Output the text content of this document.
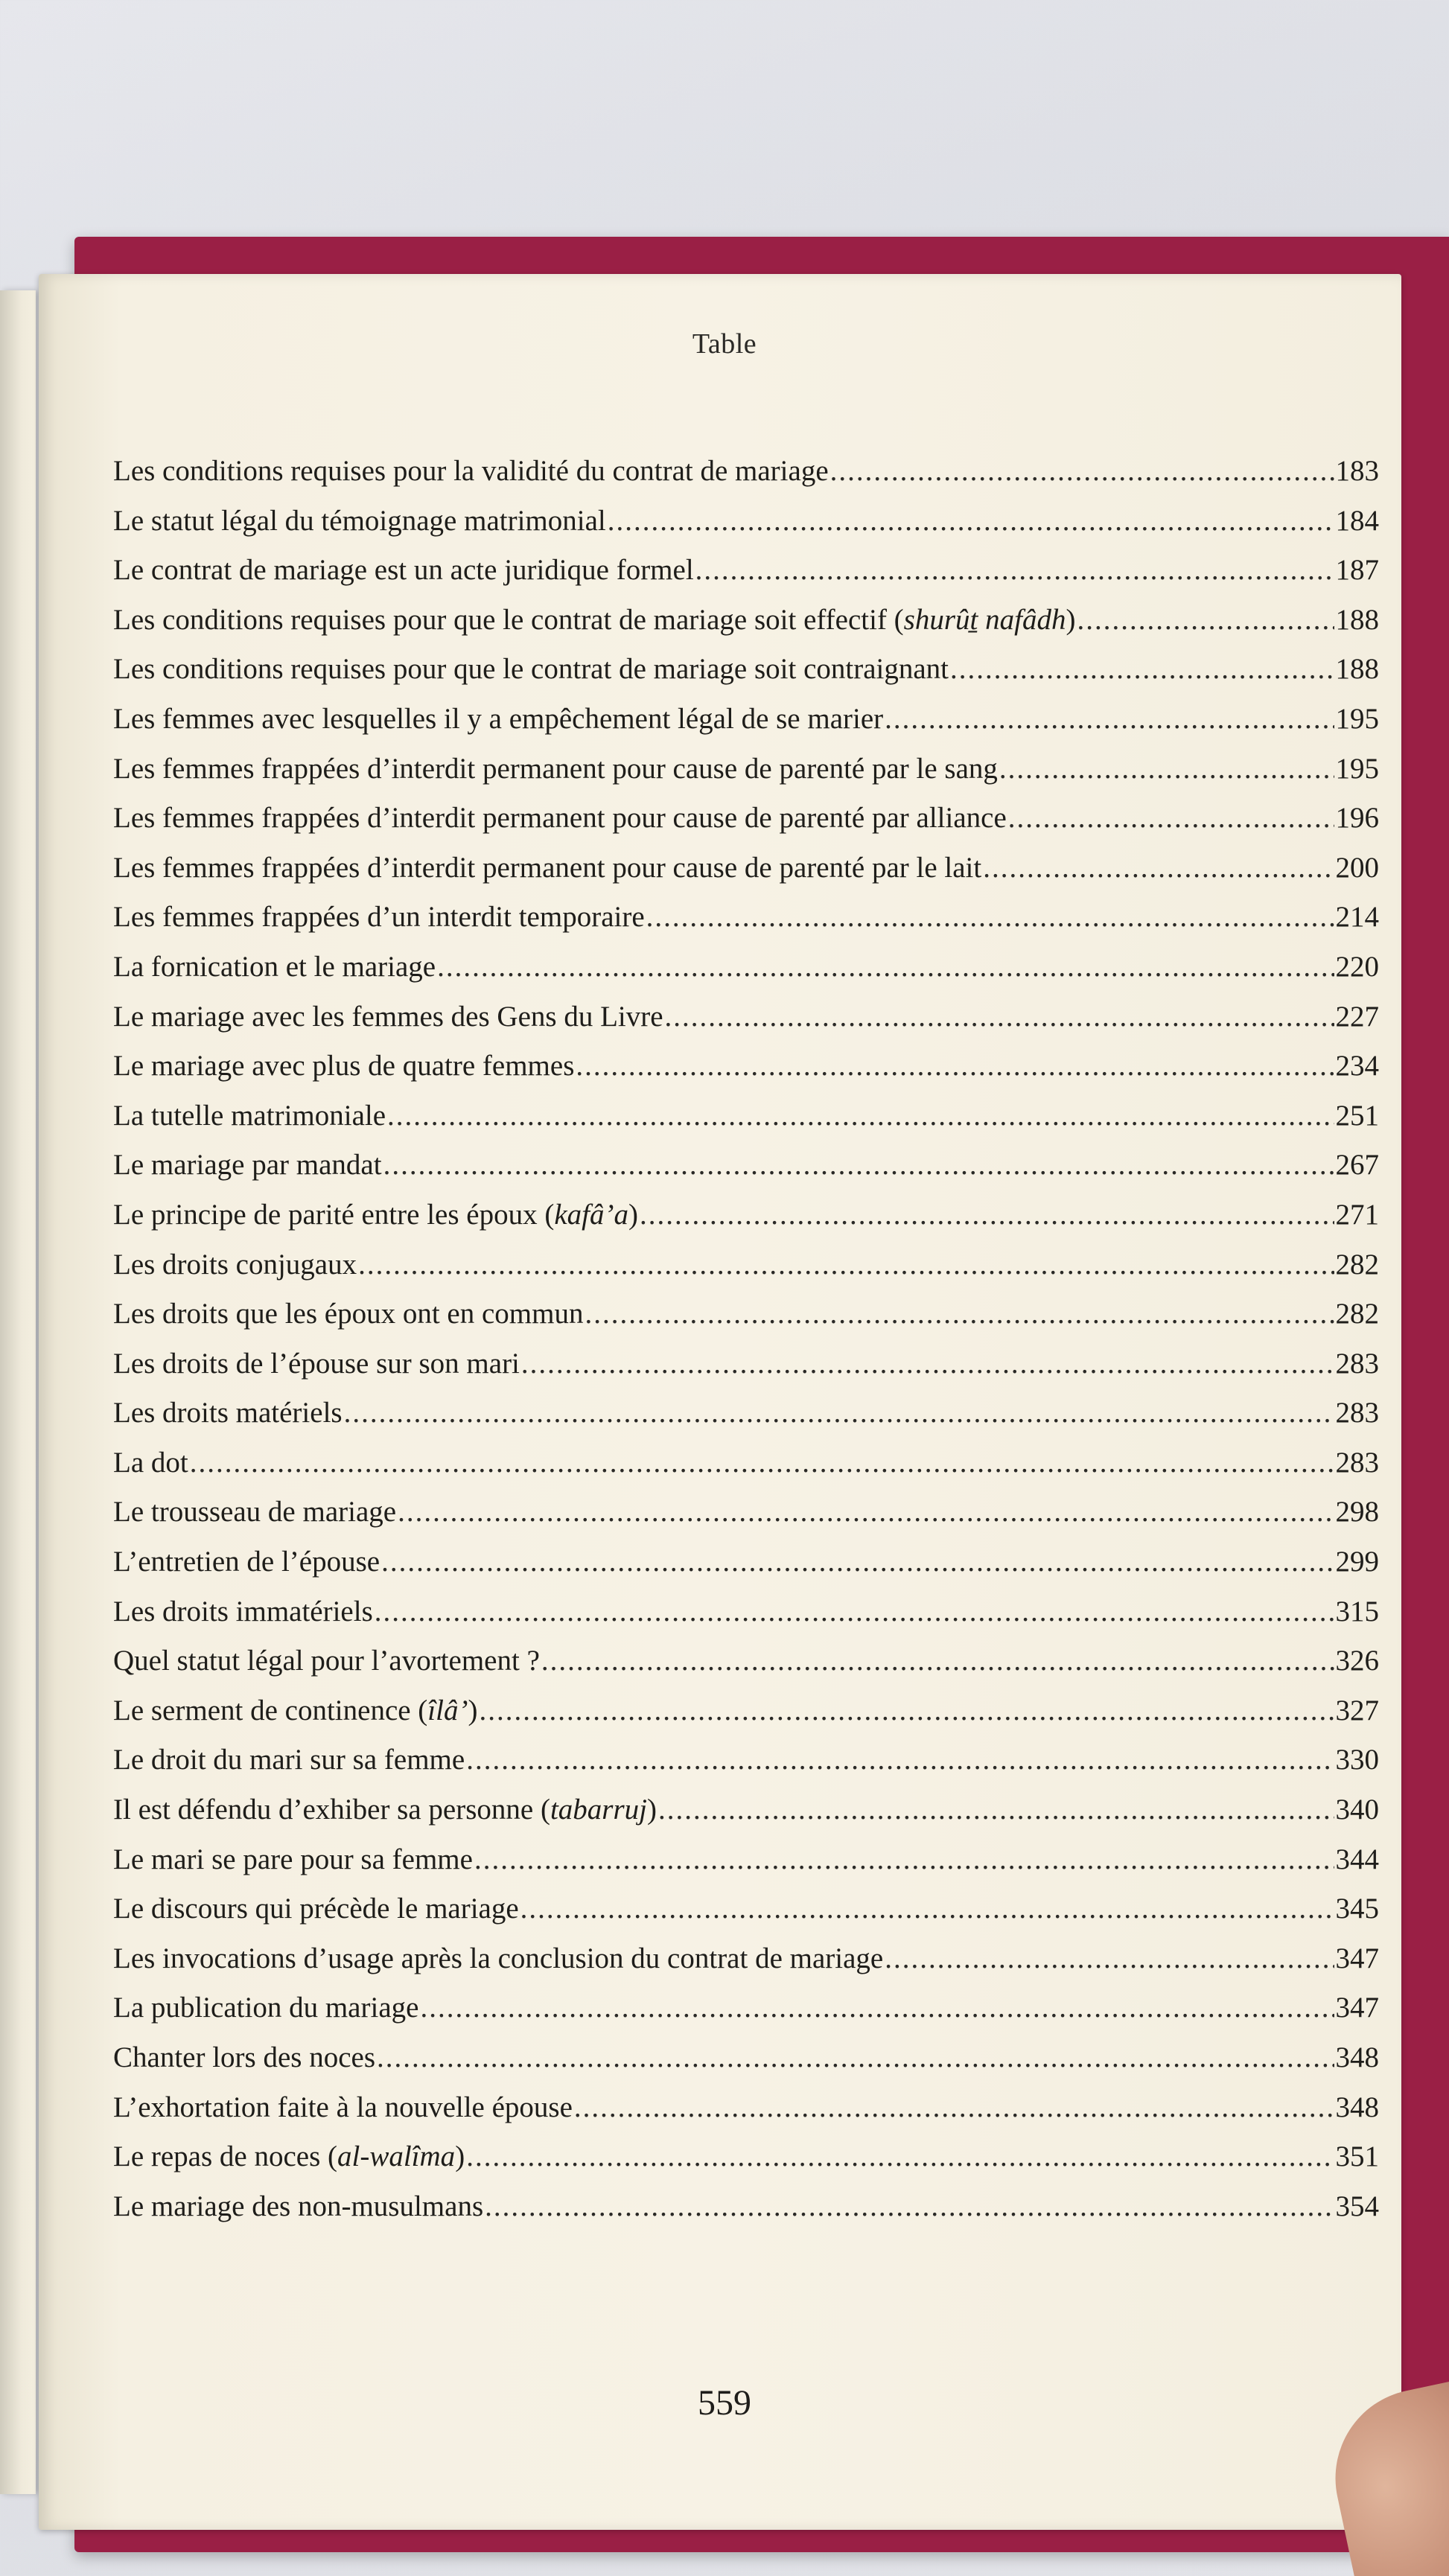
Table
Les conditions requises pour la validité du contrat de mariage .....	183
Le statut légal du témoignage matrimonial .....	184
Le contrat de mariage est un acte juridique formel .....	187
Les conditions requises pour que le contrat de mariage soit effectif (shurûṯ nafâdh) .....	188
Les conditions requises pour que le contrat de mariage soit contraignant .....	188
Les femmes avec lesquelles il y a empêchement légal de se marier .....	195
Les femmes frappées d’interdit permanent pour cause de parenté par le sang .....	195
Les femmes frappées d’interdit permanent pour cause de parenté par alliance .....	196
Les femmes frappées d’interdit permanent pour cause de parenté par le lait .....	200
Les femmes frappées d’un interdit temporaire .....	214
La fornication et le mariage .....	220
Le mariage avec les femmes des Gens du Livre .....	227
Le mariage avec plus de quatre femmes .....	234
La tutelle matrimoniale .....	251
Le mariage par mandat .....	267
Le principe de parité entre les époux (kafâ’a) .....	271
Les droits conjugaux .....	282
Les droits que les époux ont en commun .....	282
Les droits de l’épouse sur son mari .....	283
Les droits matériels .....	283
La dot .....	283
Le trousseau de mariage .....	298
L’entretien de l’épouse .....	299
Les droits immatériels .....	315
Quel statut légal pour l’avortement ? .....	326
Le serment de continence (îlâ’) .....	327
Le droit du mari sur sa femme .....	330
Il est défendu d’exhiber sa personne (tabarruj) .....	340
Le mari se pare pour sa femme .....	344
Le discours qui précède le mariage .....	345
Les invocations d’usage après la conclusion du contrat de mariage .....	347
La publication du mariage .....	347
Chanter lors des noces .....	348
L’exhortation faite à la nouvelle épouse .....	348
Le repas de noces (al-walîma) .....	351
Le mariage des non-musulmans .....	354
559
